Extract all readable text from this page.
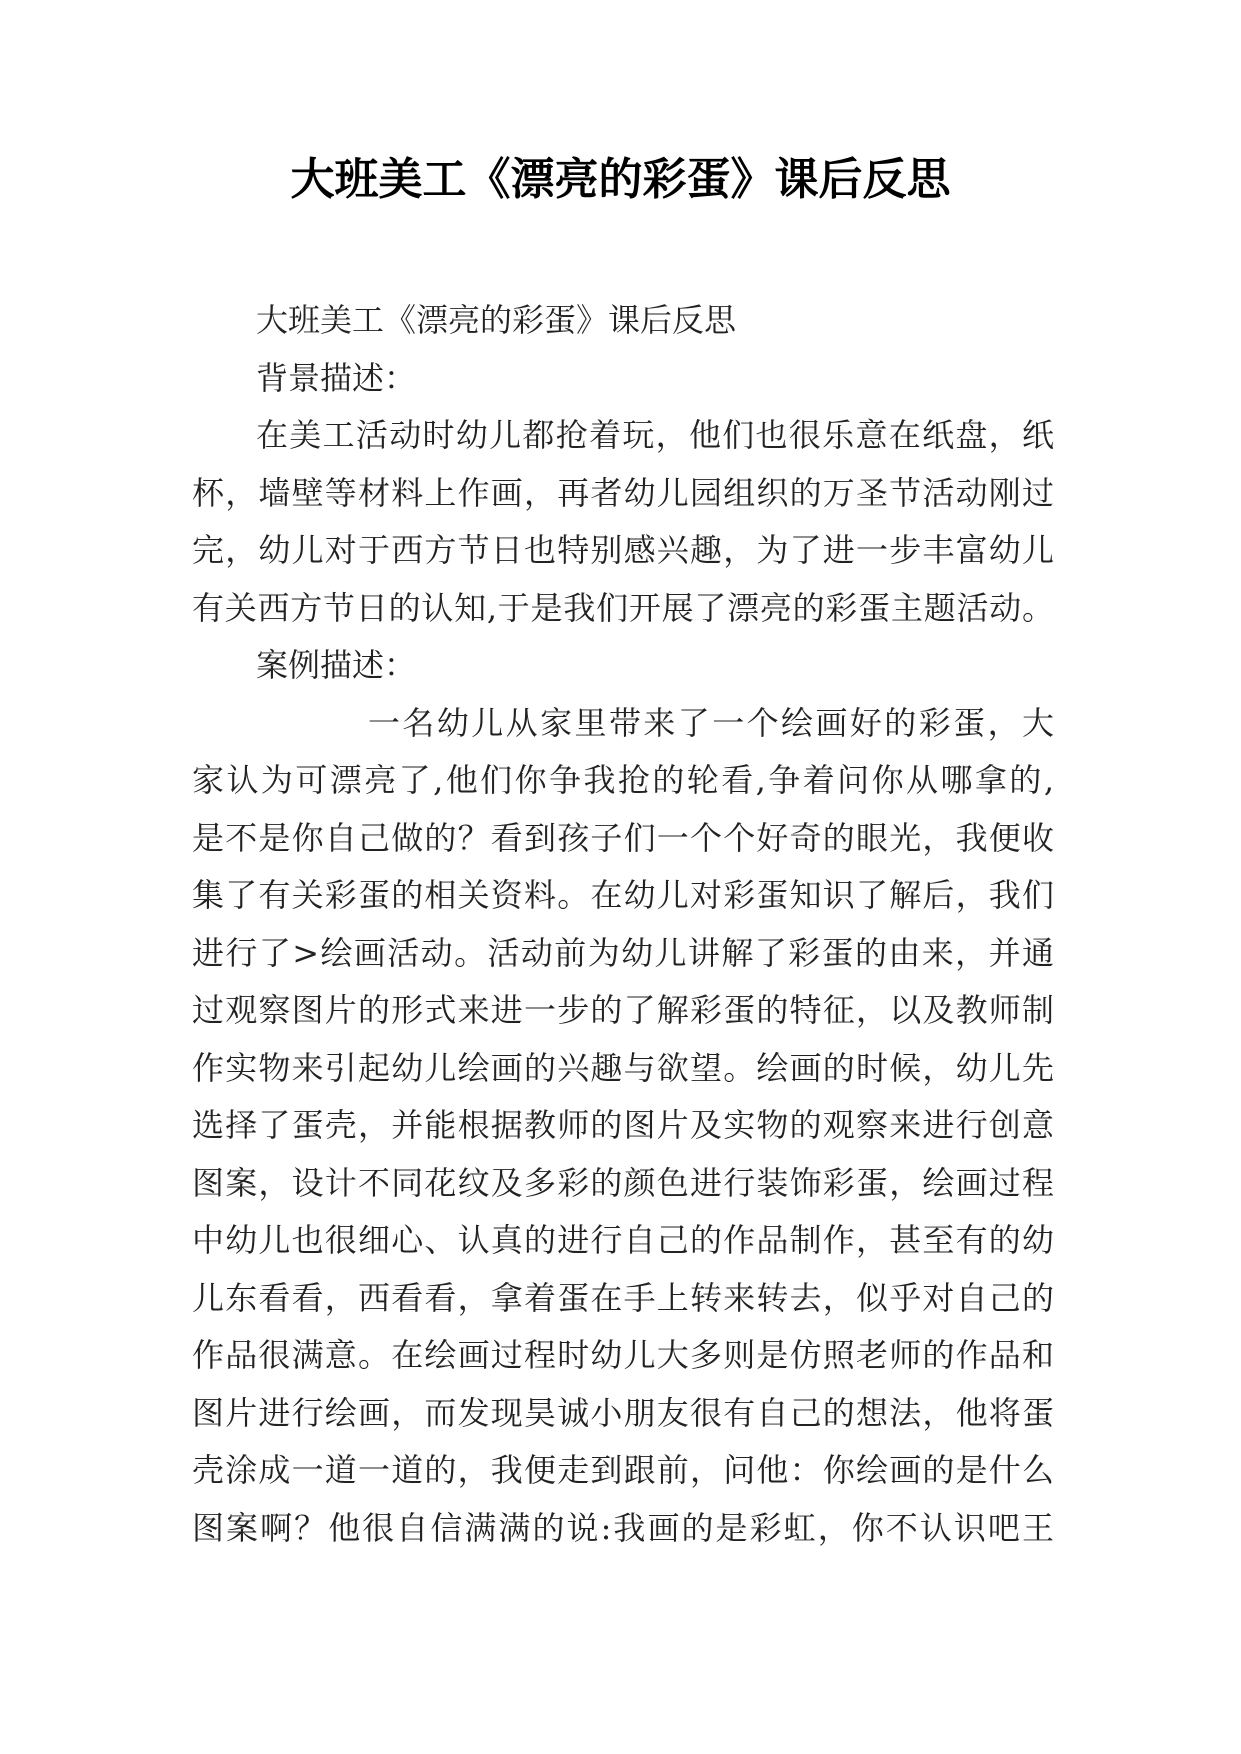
大班美工《漂亮的彩蛋》课后反思

大班美工《漂亮的彩蛋》课后反思

背景描述：

在美工活动时幼儿都抢着玩，他们也很乐意在纸盘，纸
杯，墙壁等材料上作画，再者幼儿园组织的万圣节活动刚过
完，幼儿对于西方节日也特别感兴趣，为了进一步丰富幼儿
有关西方节日的认知,于是我们开展了漂亮的彩蛋主题活动。

案例描述：

一名幼儿从家里带来了一个绘画好的彩蛋，大
家认为可漂亮了,他们你争我抢的轮看,争着问你从哪拿的,
是不是你自己做的？看到孩子们一个个好奇的眼光，我便收
集了有关彩蛋的相关资料。在幼儿对彩蛋知识了解后，我们
进行了>绘画活动。活动前为幼儿讲解了彩蛋的由来，并通
过观察图片的形式来进一步的了解彩蛋的特征，以及教师制
作实物来引起幼儿绘画的兴趣与欲望。绘画的时候，幼儿先
选择了蛋壳，并能根据教师的图片及实物的观察来进行创意
图案，设计不同花纹及多彩的颜色进行装饰彩蛋，绘画过程
中幼儿也很细心、认真的进行自己的作品制作，甚至有的幼
儿东看看，西看看，拿着蛋在手上转来转去，似乎对自己的
作品很满意。在绘画过程时幼儿大多则是仿照老师的作品和
图片进行绘画，而发现昊诚小朋友很有自己的想法，他将蛋
壳涂成一道一道的，我便走到跟前，问他：你绘画的是什么
图案啊？他很自信满满的说:我画的是彩虹，你不认识吧王
